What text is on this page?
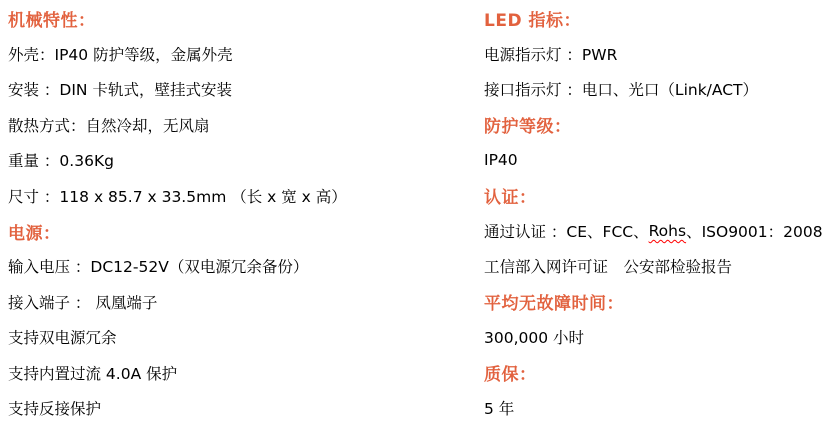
机械特性：

外壳：IP40 防护等级，金属外壳

安装 ：DIN 卡轨式，壁挂式安装

散热方式：自然冷却，无风扇

重量 ：0.36Kg

尺寸 ：118 x 85.7 x 33.5mm （长 x 宽 x 高）

电源：

输入电压 ：DC12-52V（双电源冗余备份）

接入端子 ： 凤凰端子

支持双电源冗余

支持内置过流 4.0A 保护

支持反接保护

LED 指标：

电源指示灯 ：PWR

接口指示灯 ：电口、光口（Link/ACT）

防护等级：

IP40

认证：

通过认证 ：CE、FCC、 Rohs 、ISO9001：2008

工信部入网许可证　公安部检验报告

平均无故障时间：

300,000 小时

质保：

5 年
